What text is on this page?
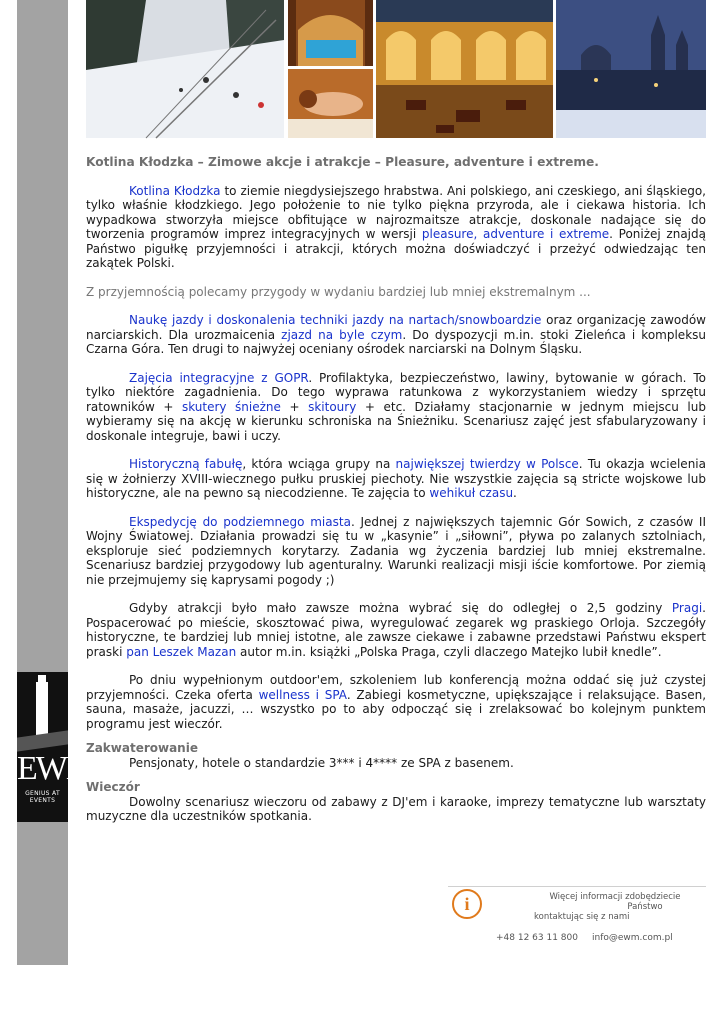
EWM
GENIUS AT EVENTS

Kotlina Kłodzka – Zimowe akcje i atrakcje – Pleasure, adventure i extreme.

Kotlina Kłodzka to ziemie niegdysiejszego hrabstwa. Ani polskiego, ani czeskiego, ani śląskiego, tylko właśnie kłodzkiego. Jego położenie to nie tylko piękna przyroda, ale i ciekawa historia. Ich wypadkowa stworzyła miejsce obfitujące w najrozmaitsze atrakcje, doskonale nadające się do tworzenia programów imprez integracyjnych w wersji pleasure, adventure i extreme. Poniżej znajdą Państwo pigułkę przyjemności i atrakcji, których można doświadczyć i przeżyć odwiedzając ten zakątek Polski.

Z przyjemnością polecamy przygody w wydaniu bardziej lub mniej ekstremalnym ...

Naukę jazdy i doskonalenia techniki jazdy na nartach/snowboardzie oraz organizację zawodów narciarskich. Dla urozmaicenia zjazd na byle czym. Do dyspozycji m.in. stoki Zieleńca i kompleksu Czarna Góra. Ten drugi to najwyżej oceniany ośrodek narciarski na Dolnym Śląsku.

Zajęcia integracyjne z GOPR. Profilaktyka, bezpieczeństwo, lawiny, bytowanie w górach. To tylko niektóre zagadnienia. Do tego wyprawa ratunkowa z wykorzystaniem wiedzy i sprzętu ratowników + skutery śnieżne + skitoury + etc. Działamy stacjonarnie w jednym miejscu lub wybieramy się na akcję w kierunku schroniska na Śnieżniku. Scenariusz zajęć jest sfabularyzowany i doskonale integruje, bawi i uczy.

Historyczną fabułę, która wciąga grupy na największej twierdzy w Polsce. Tu okazja wcielenia się w żołnierzy XVIII-wiecznego pułku pruskiej piechoty. Nie wszystkie zajęcia są stricte wojskowe lub historyczne, ale na pewno są niecodzienne. Te zajęcia to wehikuł czasu.

Ekspedycję do podziemnego miasta. Jednej z największych tajemnic Gór Sowich, z czasów II Wojny Światowej. Działania prowadzi się tu w „kasynie” i „siłowni”, pływa po zalanych sztolniach, eksploruje sieć podziemnych korytarzy. Zadania wg życzenia bardziej lub mniej ekstremalne. Scenariusz bardziej przygodowy lub agenturalny. Warunki realizacji misji iście komfortowe. Por ziemią nie przejmujemy się kaprysami pogody ;)

Gdyby atrakcji było mało zawsze można wybrać się do odległej o 2,5 godziny Pragi. Pospacerować po mieście, skosztować piwa, wyregulować zegarek wg praskiego Orloja. Szczegóły historyczne, te bardziej lub mniej istotne, ale zawsze ciekawe i zabawne przedstawi Państwu ekspert praski pan Leszek Mazan autor m.in. książki „Polska Praga, czyli dlaczego Matejko lubił knedle”.

Po dniu wypełnionym outdoor'em, szkoleniem lub konferencją można oddać się już czystej przyjemności. Czeka oferta wellness i SPA. Zabiegi kosmetyczne, upiększające i relaksujące. Basen, sauna, masaże, jacuzzi, … wszystko po to aby odpocząć się i zrelaksować bo kolejnym punktem programu jest wieczór.

Zakwaterowanie

Pensjonaty, hotele o standardzie 3*** i 4**** ze SPA z basenem.

Wieczór

Dowolny scenariusz wieczoru od zabawy z DJ'em i karaoke, imprezy tematyczne lub warsztaty muzyczne dla uczestników spotkania.

i	Więcej informacji zdobędziecie
Państwo
kontaktując się z nami
+48 12 63 11 800 info@ewm.com.pl
